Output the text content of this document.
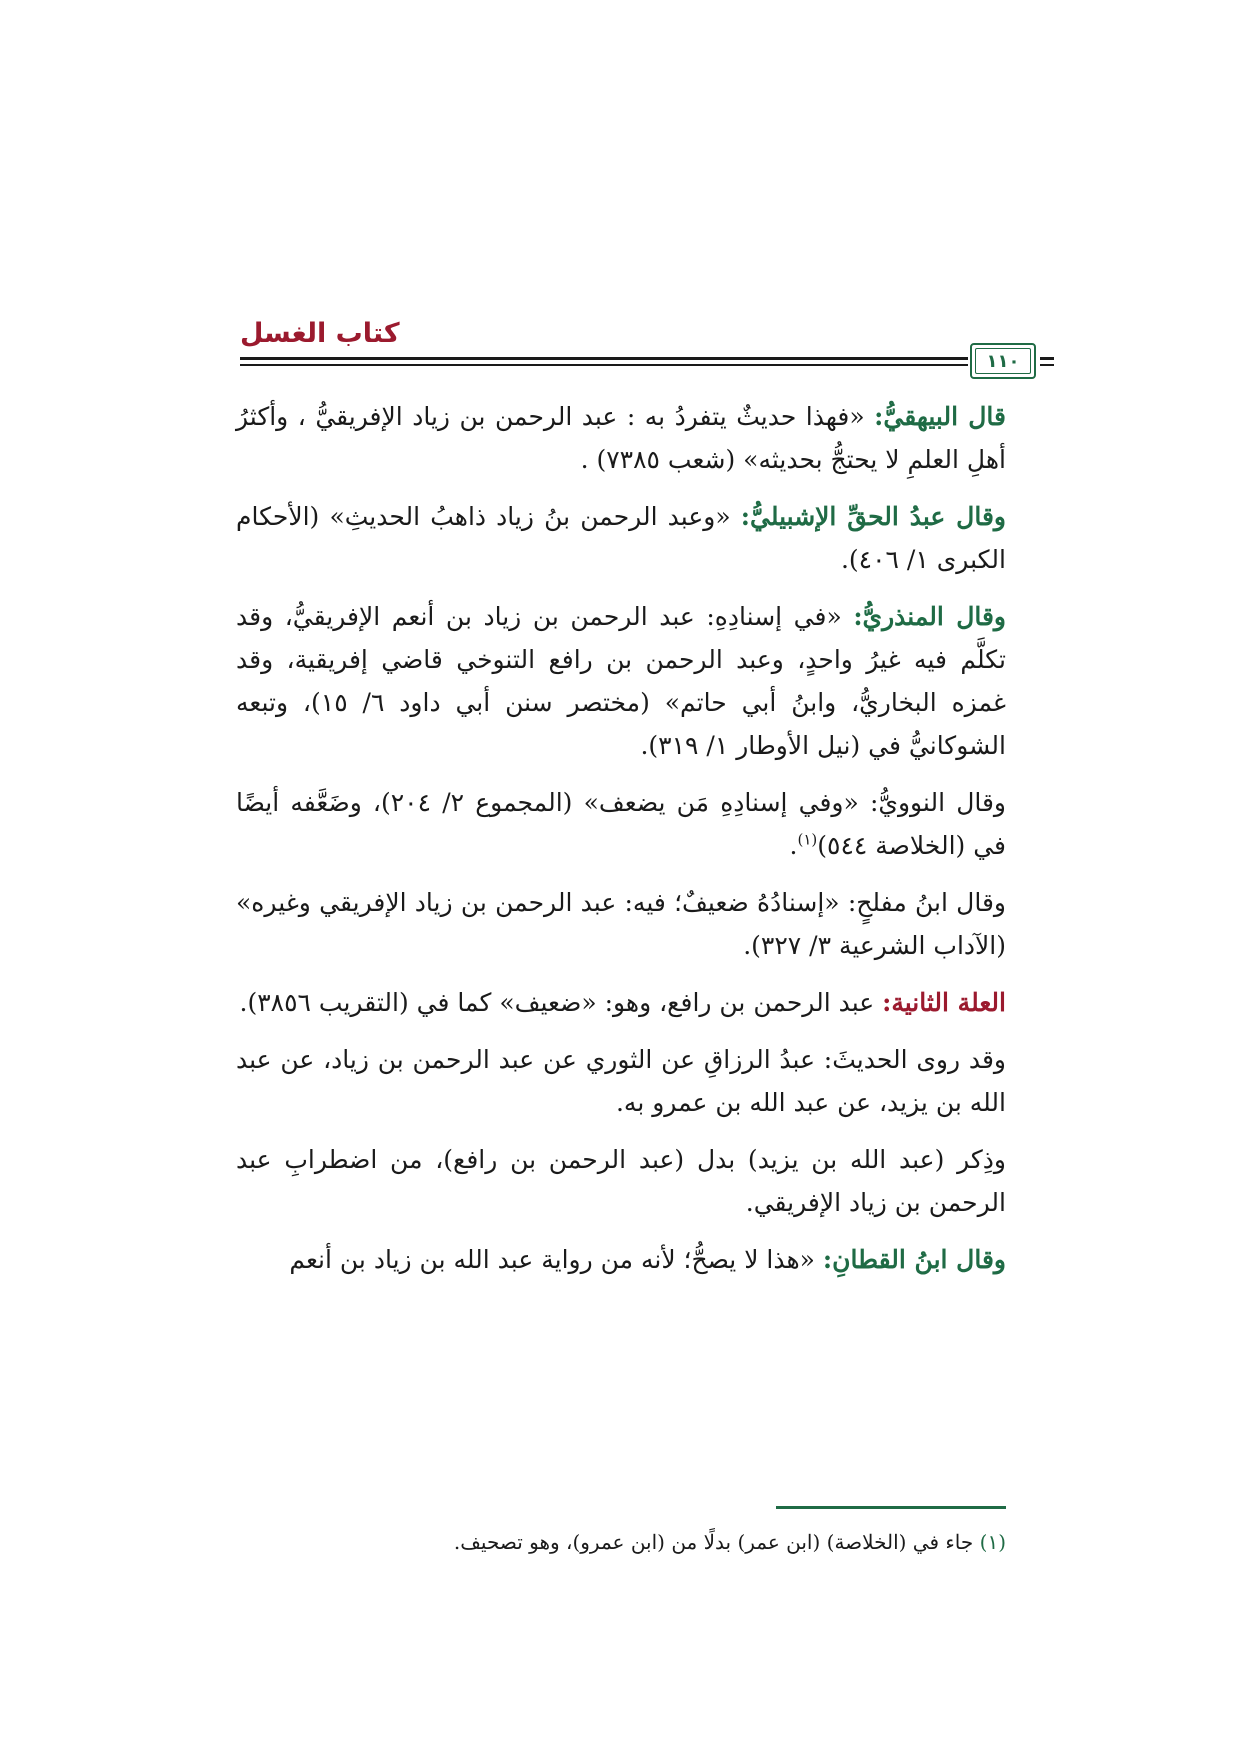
كتاب الغسل
١١٠

قال البيهقيُّ: «فهذا حديثٌ يتفردُ به : عبد الرحمن بن زياد الإفريقيُّ ، وأكثرُ أهلِ العلمِ لا يحتجُّ بحديثه» (شعب ٧٣٨٥) .

وقال عبدُ الحقِّ الإشبيليُّ: «وعبد الرحمن بنُ زياد ذاهبُ الحديثِ» (الأحكام الكبرى ١/ ٤٠٦).

وقال المنذريُّ: «في إسنادِهِ: عبد الرحمن بن زياد بن أنعم الإفريقيُّ، وقد تكلَّم فيه غيرُ واحدٍ، وعبد الرحمن بن رافع التنوخي قاضي إفريقية، وقد غمزه البخاريُّ، وابنُ أبي حاتم» (مختصر سنن أبي داود ٦/ ١٥)، وتبعه الشوكانيُّ في (نيل الأوطار ١/ ٣١٩).

وقال النوويُّ: «وفي إسنادِهِ مَن يضعف» (المجموع ٢/ ٢٠٤)، وضَعَّفه أيضًا في (الخلاصة ٥٤٤)$^{(١)}$.

وقال ابنُ مفلحٍ: «إسنادُهُ ضعيفٌ؛ فيه: عبد الرحمن بن زياد الإفريقي وغيره» (الآداب الشرعية ٣/ ٣٢٧).

العلة الثانية: عبد الرحمن بن رافع، وهو: «ضعيف» كما في (التقريب ٣٨٥٦).

وقد روى الحديثَ: عبدُ الرزاقِ عن الثوري عن عبد الرحمن بن زياد، عن عبد الله بن يزيد، عن عبد الله بن عمرو به.

وذِكر (عبد الله بن يزيد) بدل (عبد الرحمن بن رافع)، من اضطرابِ عبد الرحمن بن زياد الإفريقي.

وقال ابنُ القطانِ: «هذا لا يصحُّ؛ لأنه من رواية عبد الله بن زياد بن أنعم

(١) جاء في (الخلاصة) (ابن عمر) بدلًا من (ابن عمرو)، وهو تصحيف.
